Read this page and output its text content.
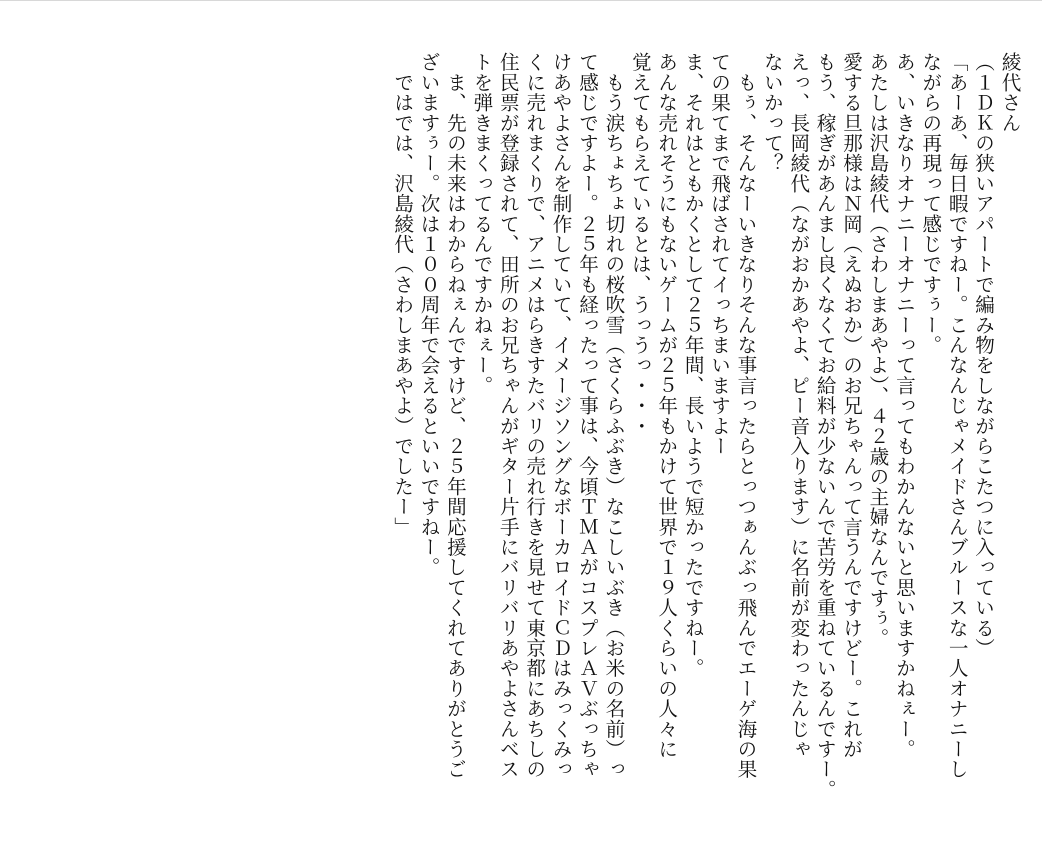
綾代さん
（１ＤＫの狭いアパートで編み物をしながらこたつに入っている）
「あーあ、毎日暇ですねー。こんなんじゃメイドさんブルースな一人オナニーし
ながらの再現って感じですぅー。
あ、いきなりオナニーオナニーって言ってもわかんないと思いますかねぇー。
あたしは沢島綾代（さわしまあやよ）、４２歳の主婦なんですぅ。
愛する旦那様はＮ岡（えぬおか）のお兄ちゃんって言うんですけどー。これが
もう、稼ぎがあんまし良くなくてお給料が少ないんで苦労を重ねているんですー。
えっ、長岡綾代（ながおかあやよ、ピー音入ります）に名前が変わったんじゃ
ないかって？
　もぅ、そんなーいきなりそんな事言ったらとっつぁんぶっ飛んでエーゲ海の果
ての果てまで飛ばされてイっちまいますよー
ま、それはともかくとして２５年間、長いようで短かったですねー。
あんな売れそうにもないゲームが２５年もかけて世界で１９人くらいの人々に
覚えてもらえているとは、うっうっ・・・
　もう涙ちょちょ切れの桜吹雪（さくらふぶき）なこしいぶき（お米の名前）っ
て感じですよー。２５年も経ったって事は、今頃ＴＭＡがコスプレＡＶぶっちゃ
けあやよさんを制作していて、イメージソングなボーカロイドＣＤはみっくみっ
くに売れまくりで、アニメはらきすたバリの売れ行きを見せて東京都にあちしの
住民票が登録されて、田所のお兄ちゃんがギター片手にバリバリあやよさんベス
トを弾きまくってるんですかねぇー。
　ま、先の未来はわからねぇんですけど、２５年間応援してくれてありがとうご
ざいますぅー。次は１００周年で会えるといいですねー。
　ではでは、沢島綾代（さわしまあやよ）でしたー」
